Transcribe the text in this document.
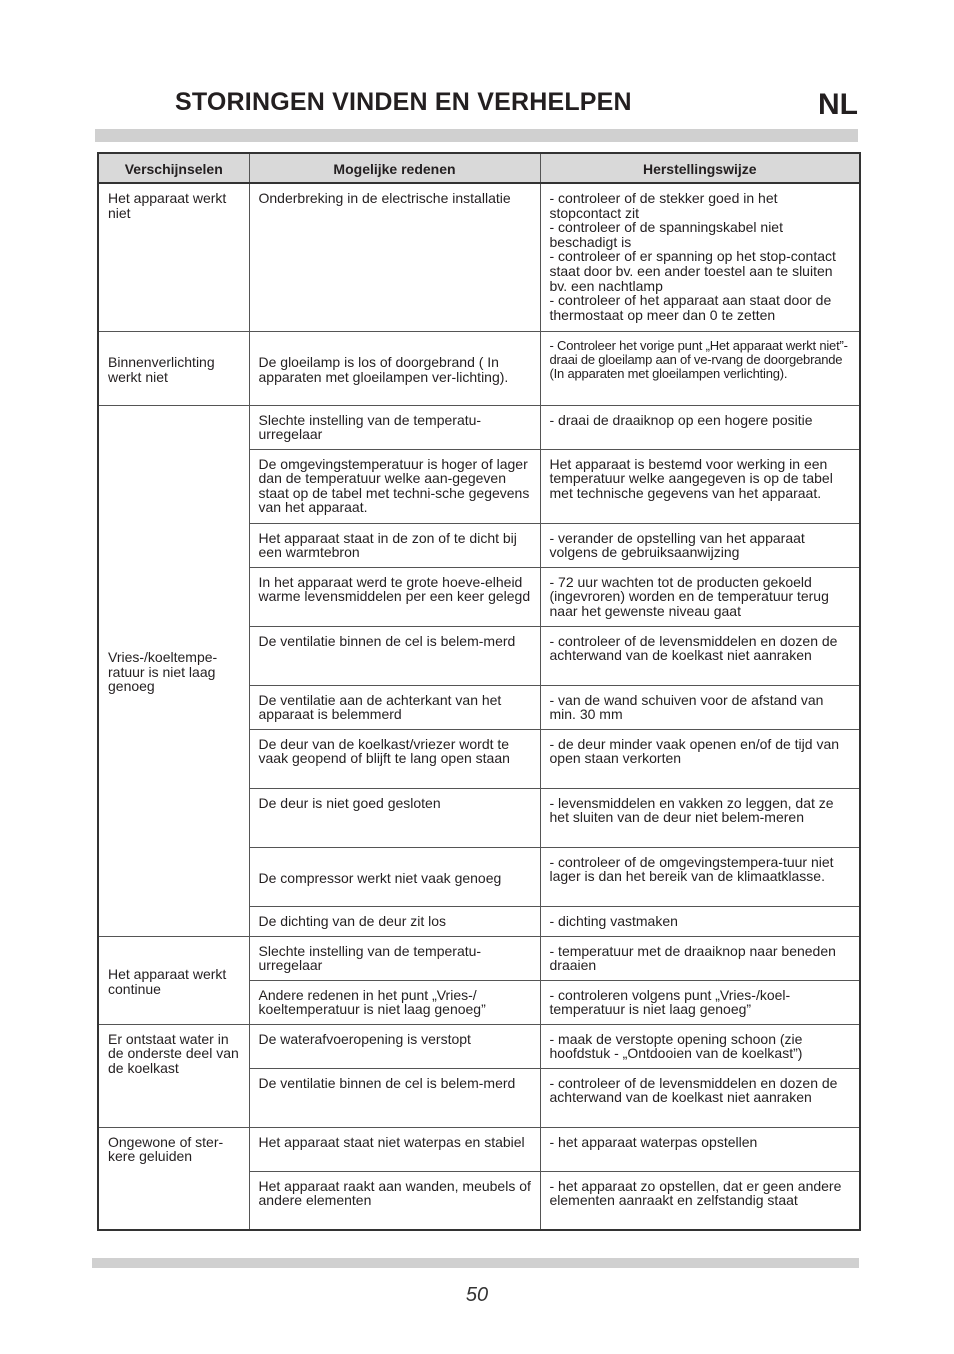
STORINGEN VINDEN EN VERHELPEN	NL
Verschijnselen	Mogelijke redenen	Herstellingswijze
Het apparaat werkt niet	Onderbreking in de electrische installatie	- controleer of de stekker goed in het stopcontact zit
- controleer of de spanningskabel niet beschadigt is
- controleer of er spanning op het stop-contact staat door bv. een ander toestel aan te sluiten bv. een nachtlamp
- controleer of het apparaat aan staat door de thermostaat op meer dan 0 te zetten
Binnenverlichting werkt niet	De gloeilamp is los of doorgebrand ( In apparaten met gloeilampen ver-lichting).	- Controleer het vorige punt „Het apparaat werkt niet”- draai de gloeilamp aan of ve-rvang de doorgebrande (In apparaten met gloeilampen verlichting).
Vries-/koeltempe-ratuur is niet laag genoeg	Slechte instelling van de temperatu-urregelaar	- draai de draaiknop op een hogere positie
	De omgevingstemperatuur is hoger of lager dan de temperatuur welke aan-gegeven staat op de tabel met techni-sche gegevens van het apparaat.	Het apparaat is bestemd voor werking in een temperatuur welke aangegeven is op de tabel met technische gegevens van het apparaat.
	Het apparaat staat in de zon of te dicht bij een warmtebron	- verander de opstelling van het apparaat volgens de gebruiksaanwijzing
	In het apparaat werd te grote hoeve-elheid warme levensmiddelen per een keer gelegd	- 72 uur wachten tot de producten gekoeld (ingevroren) worden en de temperatuur terug naar het gewenste niveau gaat
	De ventilatie binnen de cel is belem-merd	- controleer of de levensmiddelen en dozen de achterwand van de koelkast niet aanraken
	De ventilatie aan de achterkant van het apparaat is belemmerd	- van de wand schuiven voor de afstand van min. 30 mm
	De deur van de koelkast/vriezer wordt te vaak geopend of blijft te lang open staan	- de deur minder vaak openen en/of de tijd van open staan verkorten
	De deur is niet goed gesloten	- levensmiddelen en vakken zo leggen, dat ze het sluiten van de deur niet belem-meren
	De compressor werkt niet vaak genoeg	- controleer of de omgevingstempera-tuur niet lager is dan het bereik van de klimaatklasse.
	De dichting van de deur zit los	- dichting vastmaken
Het apparaat werkt continue	Slechte instelling van de temperatu-urregelaar	- temperatuur met de draaiknop naar beneden draaien
	Andere redenen in het punt „Vries-/ koeltemperatuur is niet laag genoeg”	- controleren volgens punt „Vries-/koel-temperatuur is niet laag genoeg”
Er ontstaat water in de onderste deel van de koelkast	De waterafvoeropening is verstopt	- maak de verstopte opening schoon (zie hoofdstuk - „Ontdooien van de koelkast”)
	De ventilatie binnen de cel is belem-merd	- controleer of de levensmiddelen en dozen de achterwand van de koelkast niet aanraken
Ongewone of ster-kere geluiden	Het apparaat staat niet waterpas en stabiel	- het apparaat waterpas opstellen
	Het apparaat raakt aan wanden, meubels of andere elementen	- het apparaat zo opstellen, dat er geen andere elementen aanraakt en zelfstandig staat
50
